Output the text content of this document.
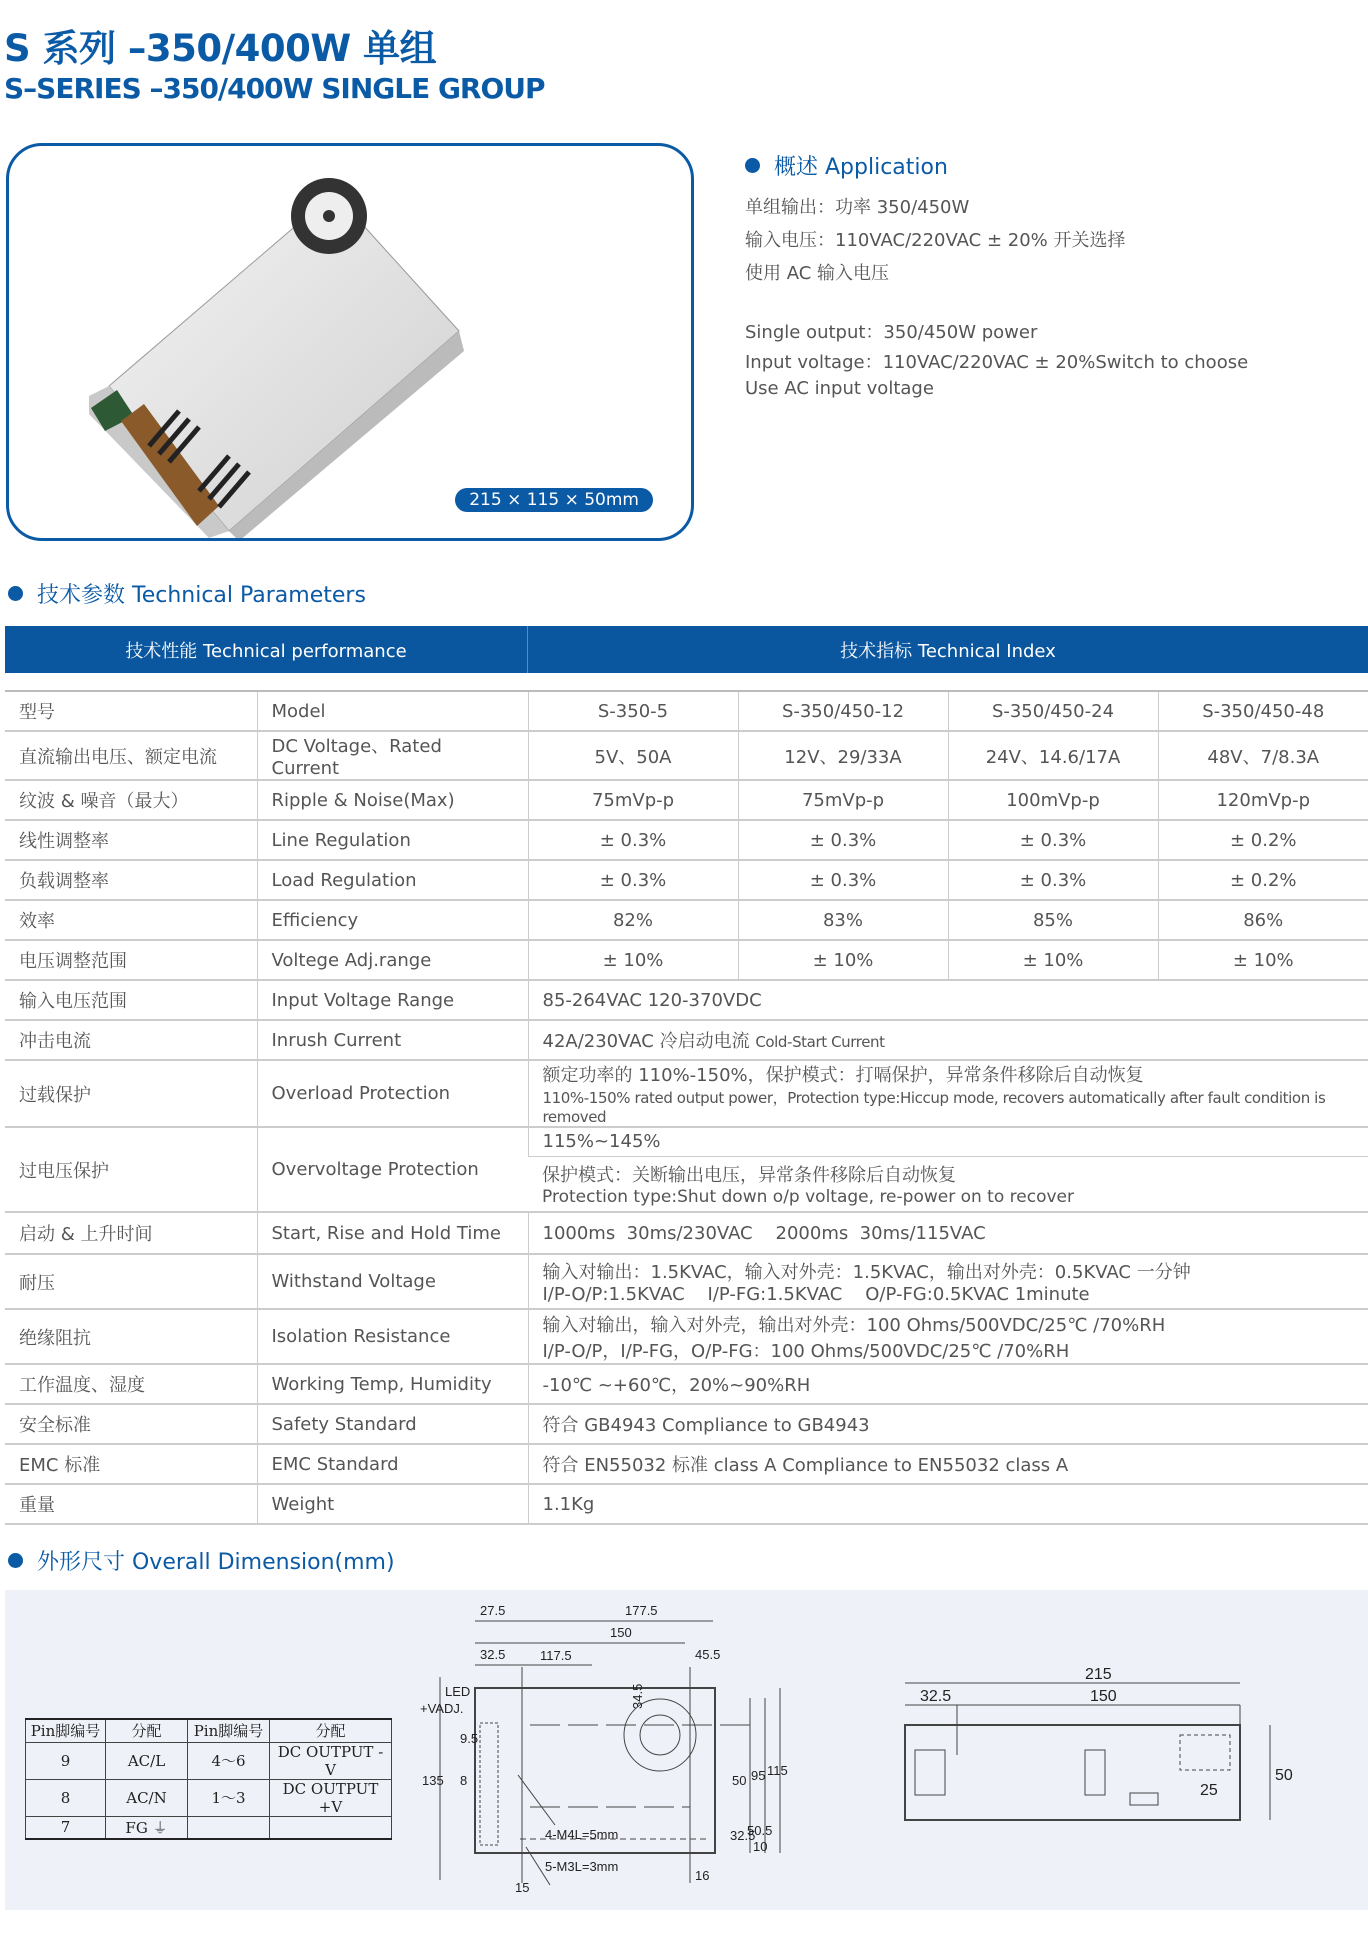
S 系列 –350/400W 单组
S–SERIES –350/400W SINGLE GROUP
215 × 115 × 50mm
概述 Application
单组输出：功率 350/450W
输入电压：110VAC/220VAC ± 20% 开关选择
使用 AC 输入电压
Single output：350/450W power
Input voltage：110VAC/220VAC ± 20%Switch to choose
Use AC input voltage
技术参数 Technical Parameters
技术性能 Technical performance	技术指标 Technical Index
型号	Model	S-350-5	S-350/450-12	S-350/450-24	S-350/450-48
直流输出电压、额定电流	DC Voltage、Rated Current	5V、50A	12V、29/33A	24V、14.6/17A	48V、7/8.3A
纹波 & 噪音（最大）	Ripple & Noise(Max)	75mVp-p	75mVp-p	100mVp-p	120mVp-p
线性调整率	Line Regulation	± 0.3%	± 0.3%	± 0.3%	± 0.2%
负载调整率	Load Regulation	± 0.3%	± 0.3%	± 0.3%	± 0.2%
效率	Efficiency	82%	83%	85%	86%
电压调整范围	Voltege Adj.range	± 10%	± 10%	± 10%	± 10%
输入电压范围	Input Voltage Range	85-264VAC 120-370VDC			
冲击电流	Inrush Current	42A/230VAC 冷启动电流 Cold-Start Current			
过载保护	Overload Protection	额定功率的 110%-150%，保护模式：打嗝保护，异常条件移除后自动恢复
110%-150% rated output power，Protection type:Hiccup mode, recovers automatically after fault condition is removed			

过电压保护	Overvoltage Protection	115%~145%			

		保护模式：关断输出电压，异常条件移除后自动恢复
Protection type:Shut down o/p voltage, re-power on to recover			

启动 & 上升时间	Start, Rise and Hold Time	1000ms  30ms/230VAC    2000ms  30ms/115VAC			
耐压	Withstand Voltage	输入对输出：1.5KVAC，输入对外壳：1.5KVAC，输出对外壳：0.5KVAC 一分钟
I/P-O/P:1.5KVAC    I/P-FG:1.5KVAC    O/P-FG:0.5KVAC 1minute			

绝缘阻抗	Isolation Resistance	输入对输出，输入对外壳，输出对外壳：100 Ohms/500VDC/25℃ /70%RH
I/P-O/P，I/P-FG，O/P-FG：100 Ohms/500VDC/25℃ /70%RH			

工作温度、湿度	Working Temp, Humidity	-10℃ ~+60℃，20%~90%RH			
安全标准	Safety Standard	符合 GB4943 Compliance to GB4943			
EMC 标准	EMC Standard	符合 EN55032 标准 class A Compliance to EN55032 class A			
重量	Weight	1.1Kg			
外形尺寸 Overall Dimension(mm)
Pin脚编号	分配	Pin脚编号	分配
9	AC/L	4～6	DC OUTPUT -V
8	AC/N	1～3	DC OUTPUT +V
7	FG ⏚		
27.5	177.5
150
32.5	117.5	45.5
LED
+VADJ.	34.5
9.5
8
135
4-M4L=5mm
5-M3L=3mm
50 95 115
50.5
32.5
10
16
15
215
32.5	150
25
50
